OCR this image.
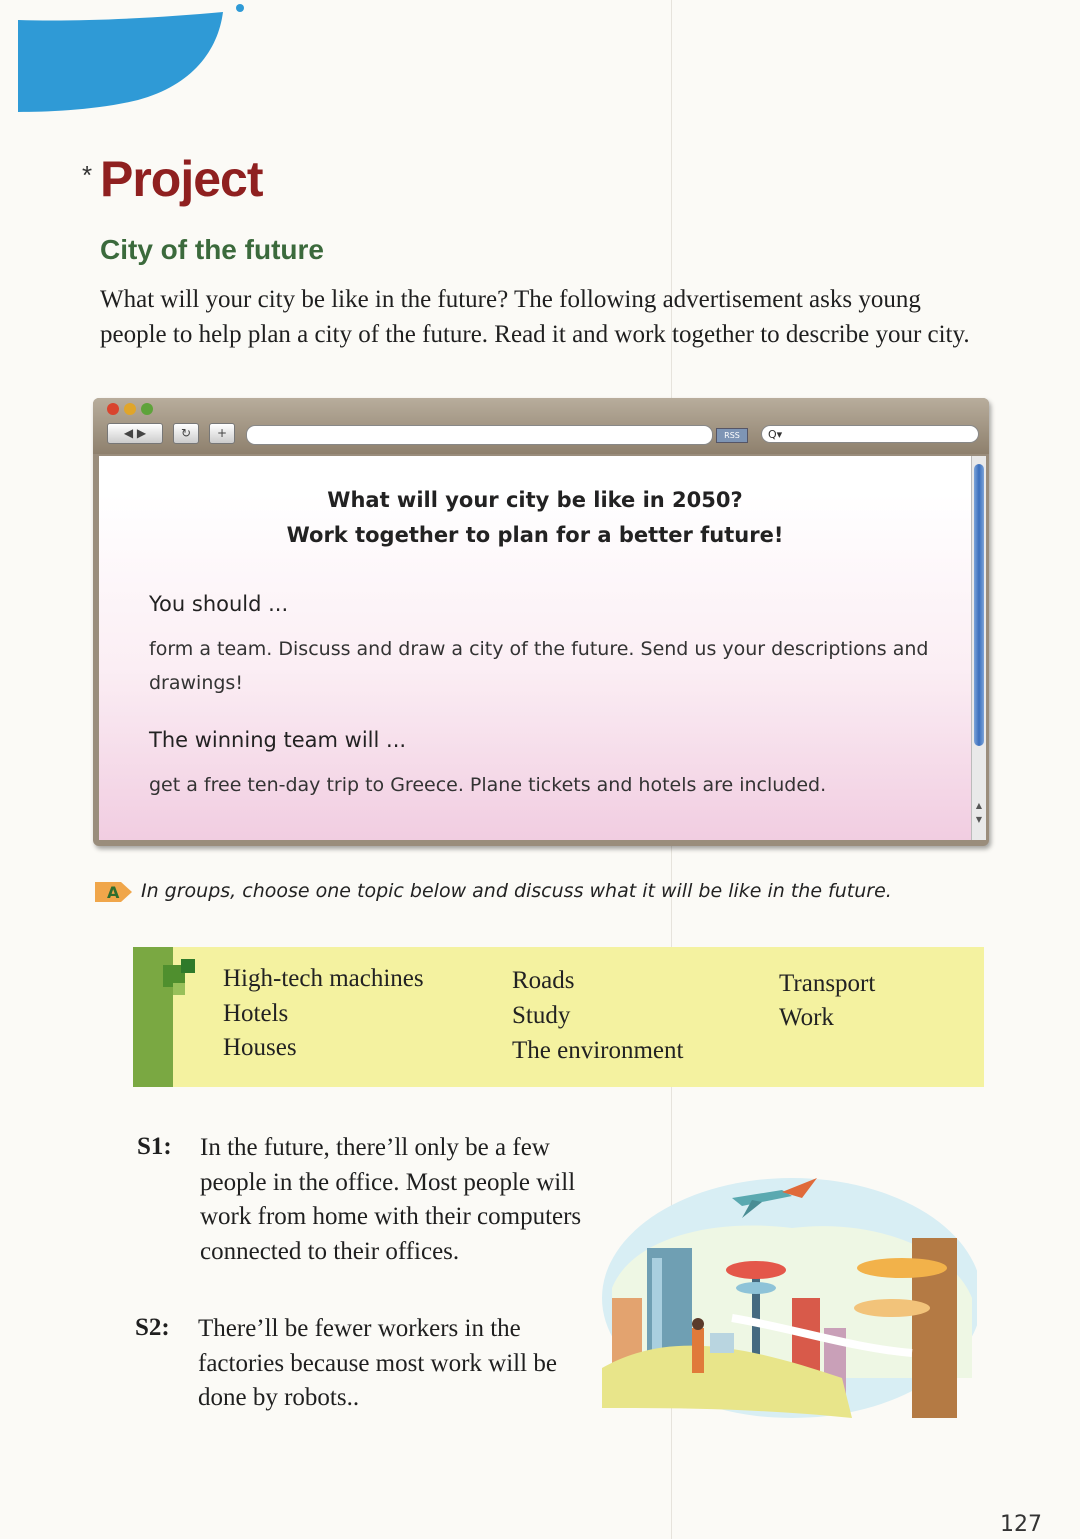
* Project
City of the future
What will your city be like in the future? The following advertisement asks young people to help plan a city of the future. Read it and work together to describe your city.
◀ ▶	↻	+	RSS	Q▾
What will your city be like in 2050?
Work together to plan for a better future!
You should ...
form a team. Discuss and draw a city of the future. Send us your descriptions and drawings!
The winning team will ...
get a free ten-day trip to Greece. Plane tickets and hotels are included.
▲
▼
A In groups, choose one topic below and discuss what it will be like in the future.
High-tech machines
Hotels
Houses
Roads
Study
The environment
Transport
Work
S1: In the future, there’ll only be a few people in the office. Most people will work from home with their computers connected to their offices.
S2: There’ll be fewer workers in the factories because most work will be done by robots..
127
